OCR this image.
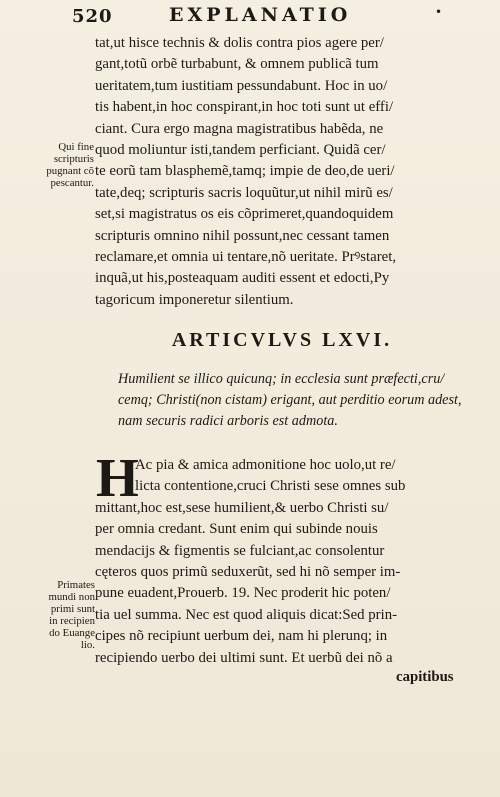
520	EXPLANATIO	•
tat,ut hisce technis & dolis contra pios agere per/
gant,totũ orbẽ turbabunt, & omnem publicã tum
ueritatem,tum iustitiam pessundabunt. Hoc in uo/
tis habent,in hoc conspirant,in hoc toti sunt ut effi/
ciant. Cura ergo magna magistratibus habẽda, ne
quod moliuntur isti,tandem perficiant. Quidã cer/
te eorũ tam blasphemẽ,tamq; impie de deo,de ueri/
tate,deq; scripturis sacris loquũtur,ut nihil mirũ es/
set,si magistratus os eis cõprimeret,quandoquidem
scripturis omnino nihil possunt,nec cessant tamen
reclamare,et omnia ui tentare,nõ ueritate. Prꝰstaret,
inquã,ut his,posteaquam auditi essent et edocti,Py
tagoricum imponeretur silentium.
Qui fine
scripturis
pugnant cõ
pescantur.
ARTICVLVS LXVI.
Humilient se illico quicunq; in ecclesia sunt præfecti,cru/
cemq; Christi(non cistam) erigant, aut perditio eorum adest,
nam securis radici arboris est admota.
H
Ac pia & amica admonitione hoc uolo,ut re/
licta contentione,cruci Christi sese omnes sub
mittant,hoc est,sese humilient,& uerbo Christi su/
per omnia credant. Sunt enim qui subinde nouis
mendacijs & figmentis se fulciant,ac consolentur
cęteros quos primũ seduxerũt, sed hi nõ semper im‑
pune euadent,Prouerb. 19. Nec proderit hic poten/
tia uel summa. Nec est quod aliquis dicat:Sed prin‑
cipes nõ recipiunt uerbum dei, nam hi plerunq; in
recipiendo uerbo dei ultimi sunt. Et uerbũ dei nõ a
Primates
mundi non
primi sunt
in recipien
do Euange
lio.
capitibus
